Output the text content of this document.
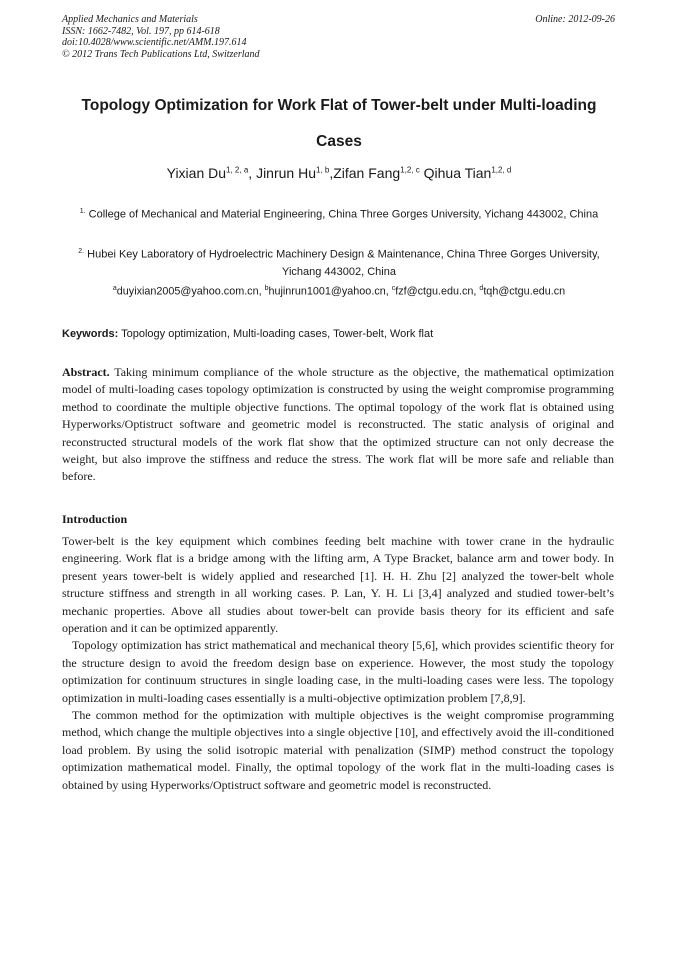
Applied Mechanics and Materials
ISSN: 1662-7482, Vol. 197, pp 614-618
doi:10.4028/www.scientific.net/AMM.197.614
© 2012 Trans Tech Publications Ltd, Switzerland
Online: 2012-09-26
Topology Optimization for Work Flat of Tower-belt under Multi-loading Cases
Yixian Du$^{1, 2, a}$, Jinrun Hu$^{1, b}$,Zifan Fang$^{1,2, c}$ Qihua Tian$^{1,2, d}$
$^{1.}$ College of Mechanical and Material Engineering, China Three Gorges University, Yichang 443002, China
$^{2.}$ Hubei Key Laboratory of Hydroelectric Machinery Design & Maintenance, China Three Gorges University, Yichang 443002, China
$^a$duyixian2005@yahoo.com.cn, $^b$hujinrun1001@yahoo.cn, $^c$fzf@ctgu.edu.cn, $^d$tqh@ctgu.edu.cn
Keywords: Topology optimization, Multi-loading cases, Tower-belt, Work flat
Abstract. Taking minimum compliance of the whole structure as the objective, the mathematical optimization model of multi-loading cases topology optimization is constructed by using the weight compromise programming method to coordinate the multiple objective functions. The optimal topology of the work flat is obtained using Hyperworks/Optistruct software and geometric model is reconstructed. The static analysis of original and reconstructed structural models of the work flat show that the optimized structure can not only decrease the weight, but also improve the stiffness and reduce the stress. The work flat will be more safe and reliable than before.
Introduction

Tower-belt is the key equipment which combines feeding belt machine with tower crane in the hydraulic engineering. Work flat is a bridge among with the lifting arm, A Type Bracket, balance arm and tower body. In present years tower-belt is widely applied and researched [1]. H. H. Zhu [2] analyzed the tower-belt whole structure stiffness and strength in all working cases. P. Lan, Y. H. Li [3,4] analyzed and studied tower-belt’s mechanic properties. Above all studies about tower-belt can provide basis theory for its efficient and safe operation and it can be optimized apparently.

Topology optimization has strict mathematical and mechanical theory [5,6], which provides scientific theory for the structure design to avoid the freedom design base on experience. However, the most study the topology optimization for continuum structures in single loading case, in the multi-loading cases were less. The topology optimization in multi-loading cases essentially is a multi-objective optimization problem [7,8,9].

The common method for the optimization with multiple objectives is the weight compromise programming method, which change the multiple objectives into a single objective [10], and effectively avoid the ill-conditioned load problem. By using the solid isotropic material with penalization (SIMP) method construct the topology optimization mathematical model. Finally, the optimal topology of the work flat in the multi-loading cases is obtained by using Hyperworks/Optistruct software and geometric model is reconstructed.
